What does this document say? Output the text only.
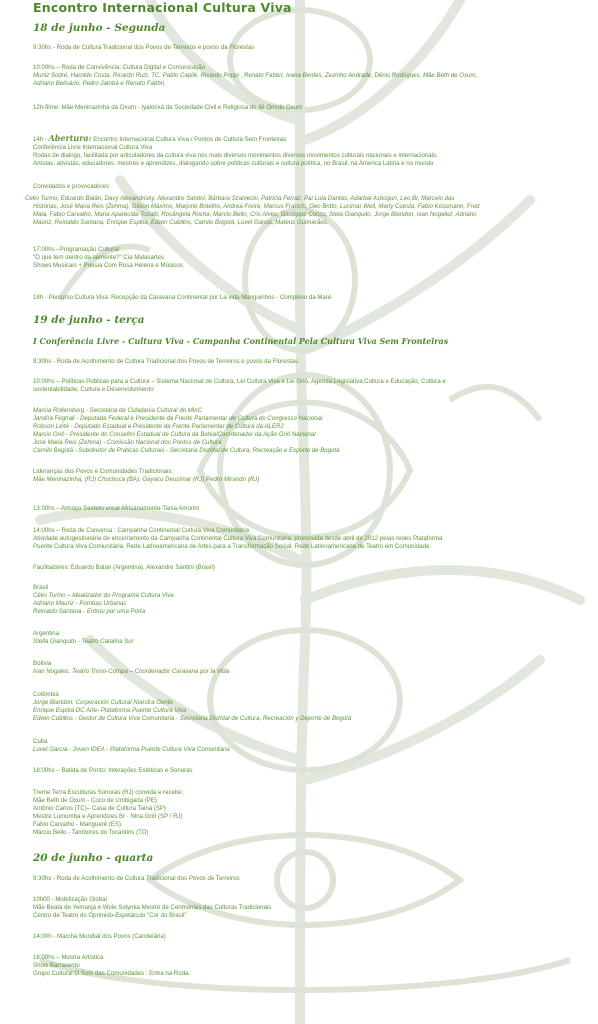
Encontro Internacional Cultura Viva
18 de junho - Segunda
9:30hs - Roda de Cultura Tradicional dos Povos de Terreiros e povos da Florestas
10:00hs – Roda de Convivência: Cultura Digital e Comunicação
Muniz Sodré, Haroldo Costa, Ricardo Ruiz, TC, Pablo Capilé, Ricardo Poppi , Renato Fabbri, Ivana Bentes, Zezinho Andrade, Dênis Rodrigues, Mãe Beth de Oxum,
Adriano Belisário, Pedro Jatobá e Renato Fabbri.
12h-filme: Mãe Meninazinha da Oxum - Iyalorixá da Sociedade Civil e Religiosa do Ilê Omolu Oxum
14h - Abertura: Encontro Internacional Cultura Viva / Pontos de Cultura Sem Fronteiras
Conferência Livre Internacional Cultura Viva
Rodas de dialogo, facilitada por articuladores da cultura viva nos mais diversos movimentos diversos movimentos culturais nacionais e internacionais.
Artistas, ativistas, educadores, mestres e aprendizes, dialogando sobre políticas culturais e cultura política, no Brasil, na America Latina e no mundo
Convidados e provocadores
Celio Turino, Eduardo Balán, Davy Alexandrisky, Alexandre Santini, Bárbara Szaniecki, Patricia Ferraz, Pai Lula Dantas, Adarbal Ashogun, Leo Br, Marcelo das
Histórias, José Maria Reis (Zehma), Gilson Máximo, Marjorie Botelho, Andrea Freire, Marcus Franchi, Geo Britto, Lucimar Weil, Marly Cuesta, Fabio Kossmann, Fred
Maia, Fabio Carvalho, Maria Aparecida Tozatti, Rosângela Rocha, Marcio Bello, Cris Alves, Giuseppe Cocco, Stela Gianquito, Jorge Blandon, Ivan Nogalez, Adriano
Mauriz, Reinaldo Santana, Enrique Espitia, Edwin Cubillos, Camilo Bogotá, Luvel Garcia, Mateus Guimarães.
17:00hs –Programação Cultural
"O que tem dentro da semente?" Cia Malasartes
Shows Musicais + Poesia Com Rosa Helena e Músicos
18h - Percurso Cultura Viva: Recepção da Caravana Continental por La vida Manguinhos - Complexo da Maré
19 de junho - terça
I Conferência Livre - Cultura Viva - Campanha Continental Pela Cultura Viva Sem Fronteiras
9:30hs - Roda de Acolhimento de Cultura Tradicional dos Povos de Terreiros e povos da Florestas
10:00hs – Políticas Públicas para a Cultura – Sistema Nacional de Cultura, Lei Cultura Viva e Lei Griô, Agenda Legislativa,Cultura e Educação, Cultura e
sustentabilidade, Cultura e Desenvolvimento
Marcia Rollemberg - Secretária de Cidadania Cultural do MinC
Jandira Feghali - Deputada Federal e Presidente da Frente Parlamentar de Cultura do Congresso Nacional.
Robson Leite - Deputado Estadual e Presidente da Frente Parlamentar de Cultura da ALERJ
Marcio Griô - Presidente do Conselho Estadual de Cultura da Bahia/Coordenador da Ação Griô Nacional
José Maria Reis (Zehma) - Comissão Nacional dos Pontos de Cultura
Camilo Bogotá - Subdiretor de Práticas Culturais - Secretaria Distrital de Cultura, Recreação e Esporte de Bogotá
Lideranças dos Povos e Comunidades Tradicionais:
Mãe Meninazinha, (RJ) Chuchuca (BA), Gayacu Deusimar (RJ) Pedro Mirando (RJ)
13:00hs – Almoço Sexteto vocal Africanamente-Tania Amorim
14:00hs – Roda de Conversa : Campanha Continental Cultura Viva Comunitária
Atividade autogestionária de encerramento da Campanha Continental Cultura Viva Comunitária, promovida desde abril de 2012 pelas redes Plataforma
Puente Cultura Viva Comiunitária, Rede Latinoamericana de Artes para a Transformação Social, Rede Latinoamericana de Teatro em Comunidade.
Facilitadores: Eduardo Balan (Argentina), Alexandre Santini (Brasil)
Brasil
Célio Turino – Idealizador do Programa Cultura Viva
Adriano Mauriz - Pombas Urbanas
Reinaldo Santana - Entrou por uma Porta
Argentina
Stella Gianquito - Teatro Catalina Sur
Bolívia
Ivan Nogales. Teatro Trono-Compa – Coordenador Caravana por la Vida
Colômbia
Jorge Blandon. Corporación Cultural Nuestra Gente
Enrique Espitia DC Arte- Plataforma Puente Cultura Viva
Edwin Cubillos - Gestor de Cultura Viva Comunitaria - Secretaria Distrital de Cultura, Recreación y Deporte de Bogotá
Cuba
Luvel Garcia - Joven IDEA - Plataforma Puente Cultura Viva Comunitaria
18:00hs – Batida de Ponto: Interações Estéticas e Sonoras
Treme Terra Esculturas Sonoras (RJ) convida e recebe:
Mãe Beth de Oxum - Coco de Umbigada (PE)
Antônio Carlos (TC)– Casa de Cultura Tainá (SP)
Mestre Lumumba e Aprendizes.Br - Nina Griô (SP / RJ)
Fabio Carvalho - Manguerê (ES)
Márcio Bello - Tambores do Tocantins (TO)
20 de junho - quarta
9:30hs - Roda de Acolhimento de Cultura Tradicional dos Povos de Terreiros
10h00 - Mobilização Global
Mãe Beata de Yemanjá e Wole Soiynka Mestre de Cerimonias das Culturas Tradicionais
Centro de Teatro do Oprimido-Espetáculo "Cor do Brasil"
14:00h - Marcha Mundial dos Povos (Candelária)
18:00hs – Mostra Artística
Show Barravento
Grupo Cultural O Som das Comunidades : Entra na Roda.
